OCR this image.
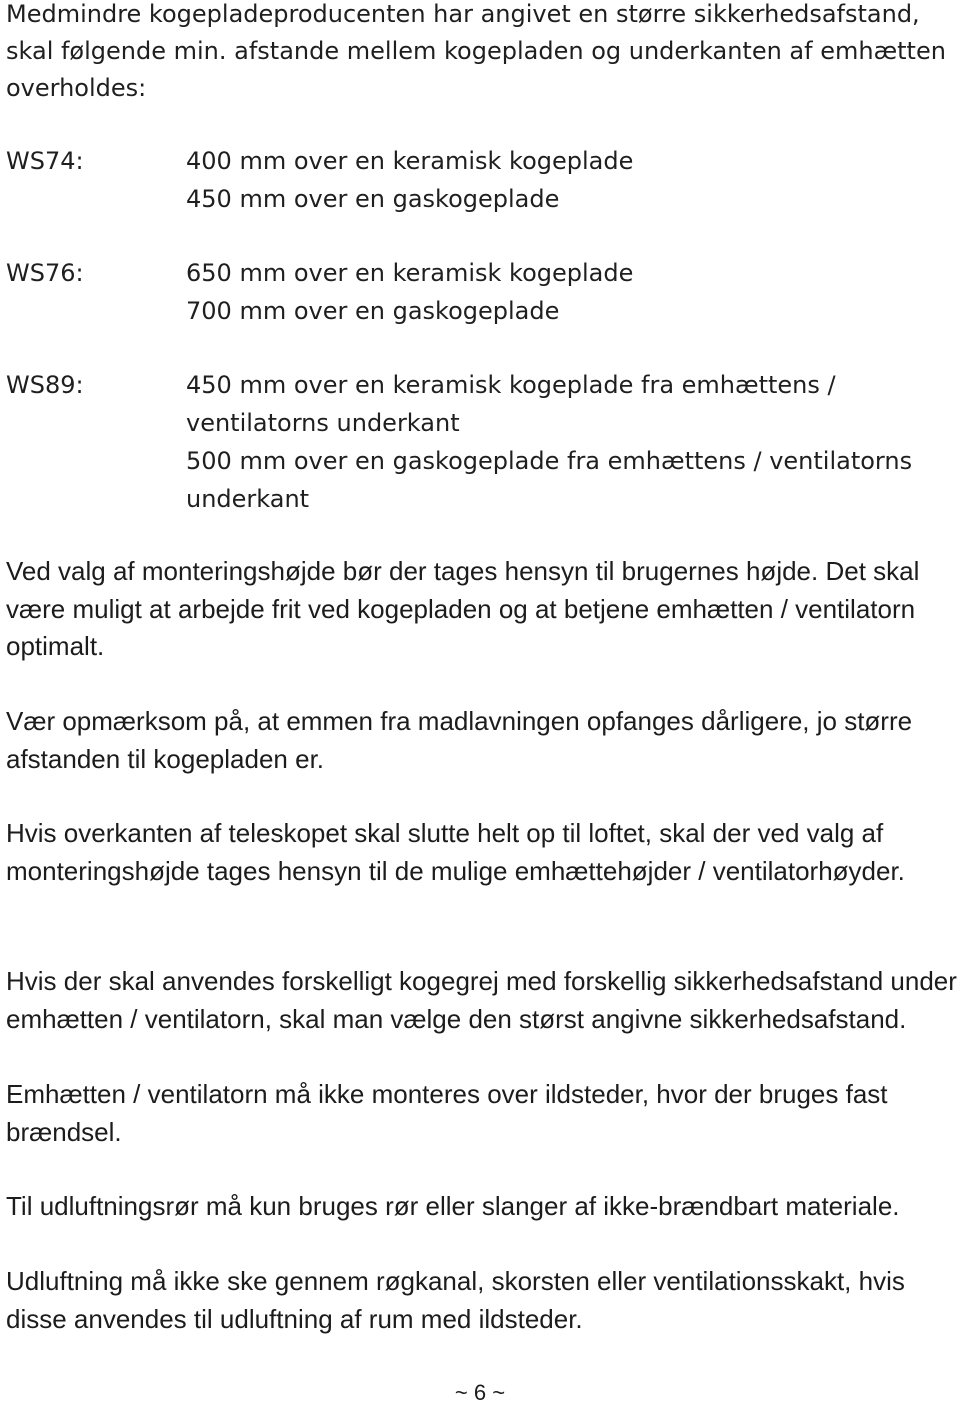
Medmindre kogepladeproducenten har angivet en større sikkerhedsafstand, skal følgende min. afstande mellem kogepladen og underkanten af emhætten overholdes:

WS74:	400 mm over en keramisk kogeplade
450 mm over en gaskogeplade
WS76:	650 mm over en keramisk kogeplade
700 mm over en gaskogeplade
WS89:	450 mm over en keramisk kogeplade fra emhættens /
ventilatorns underkant
500 mm over en gaskogeplade fra emhættens / ventilatorns
underkant

Ved valg af monteringshøjde bør der tages hensyn til brugernes højde. Det skal være muligt at arbejde frit ved kogepladen og at betjene emhætten / ventilatorn optimalt.

Vær opmærksom på, at emmen fra madlavningen opfanges dårligere, jo større afstanden til kogepladen er.

Hvis overkanten af teleskopet skal slutte helt op til loftet, skal der ved valg af monteringshøjde tages hensyn til de mulige emhættehøjder / ventilatorhøyder.

Hvis der skal anvendes forskelligt kogegrej med forskellig sikkerhedsafstand under emhætten / ventilatorn, skal man vælge den størst angivne sikkerhedsafstand.

Emhætten / ventilatorn må ikke monteres over ildsteder, hvor der bruges fast brændsel.

Til udluftningsrør må kun bruges rør eller slanger af ikke-brændbart materiale.

Udluftning må ikke ske gennem røgkanal, skorsten eller ventilationsskakt, hvis disse anvendes til udluftning af rum med ildsteder.

~ 6 ~
